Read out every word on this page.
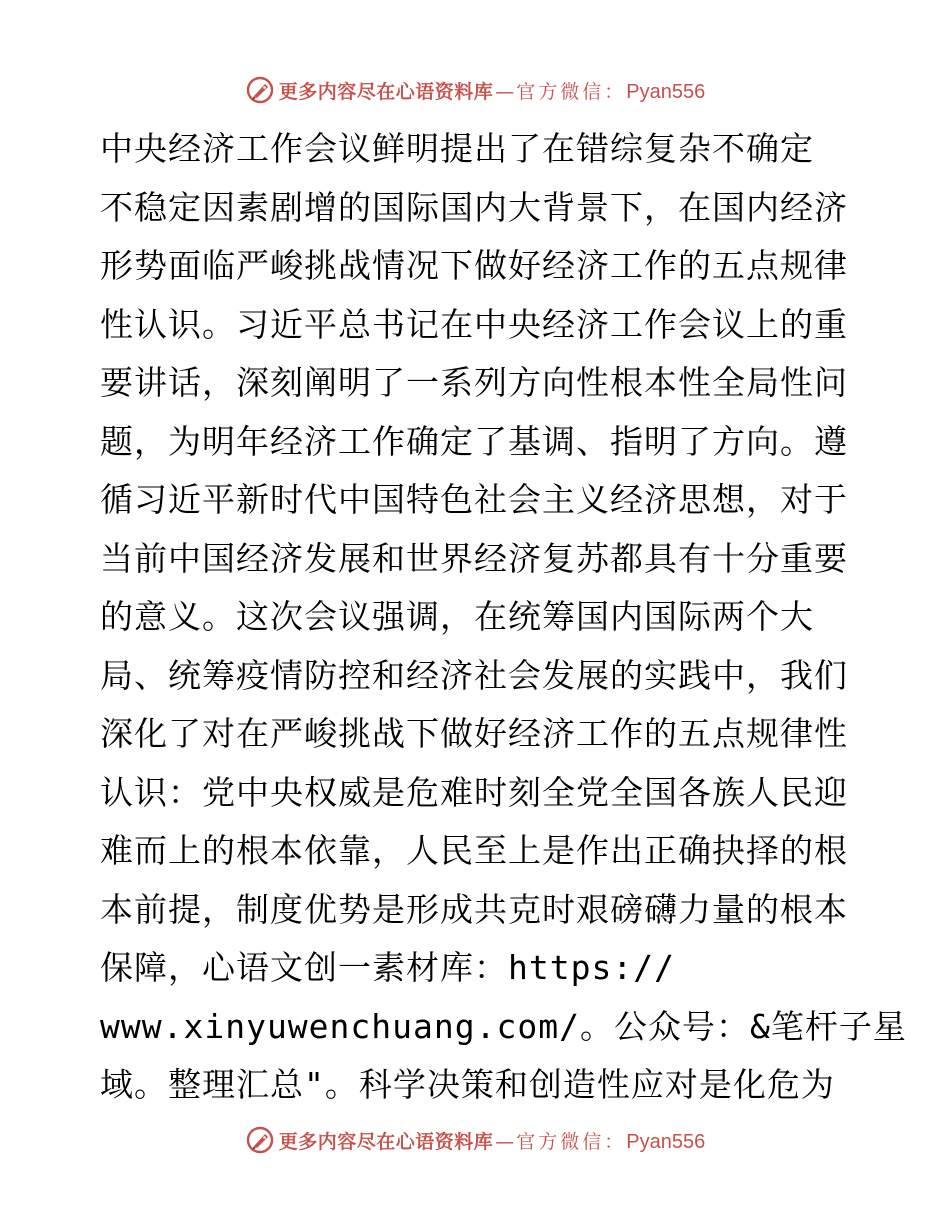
更多内容尽在心语资料库 — 官方微信： Pyan556
中央经济工作会议鲜明提出了在错综复杂不确定
不稳定因素剧增的国际国内大背景下，在国内经济
形势面临严峻挑战情况下做好经济工作的五点规律
性认识。习近平总书记在中央经济工作会议上的重
要讲话，深刻阐明了一系列方向性根本性全局性问
题，为明年经济工作确定了基调、指明了方向。遵
循习近平新时代中国特色社会主义经济思想，对于
当前中国经济发展和世界经济复苏都具有十分重要
的意义。这次会议强调，在统筹国内国际两个大
局、统筹疫情防控和经济社会发展的实践中，我们
深化了对在严峻挑战下做好经济工作的五点规律性
认识：党中央权威是危难时刻全党全国各族人民迎
难而上的根本依靠，人民至上是作出正确抉择的根
本前提，制度优势是形成共克时艰磅礴力量的根本
保障，心语文创一素材库：https://
www.xinyuwenchuang.com/。公众号：&笔杆子星
域。整理汇总"。科学决策和创造性应对是化危为
更多内容尽在心语资料库 — 官方微信： Pyan556
